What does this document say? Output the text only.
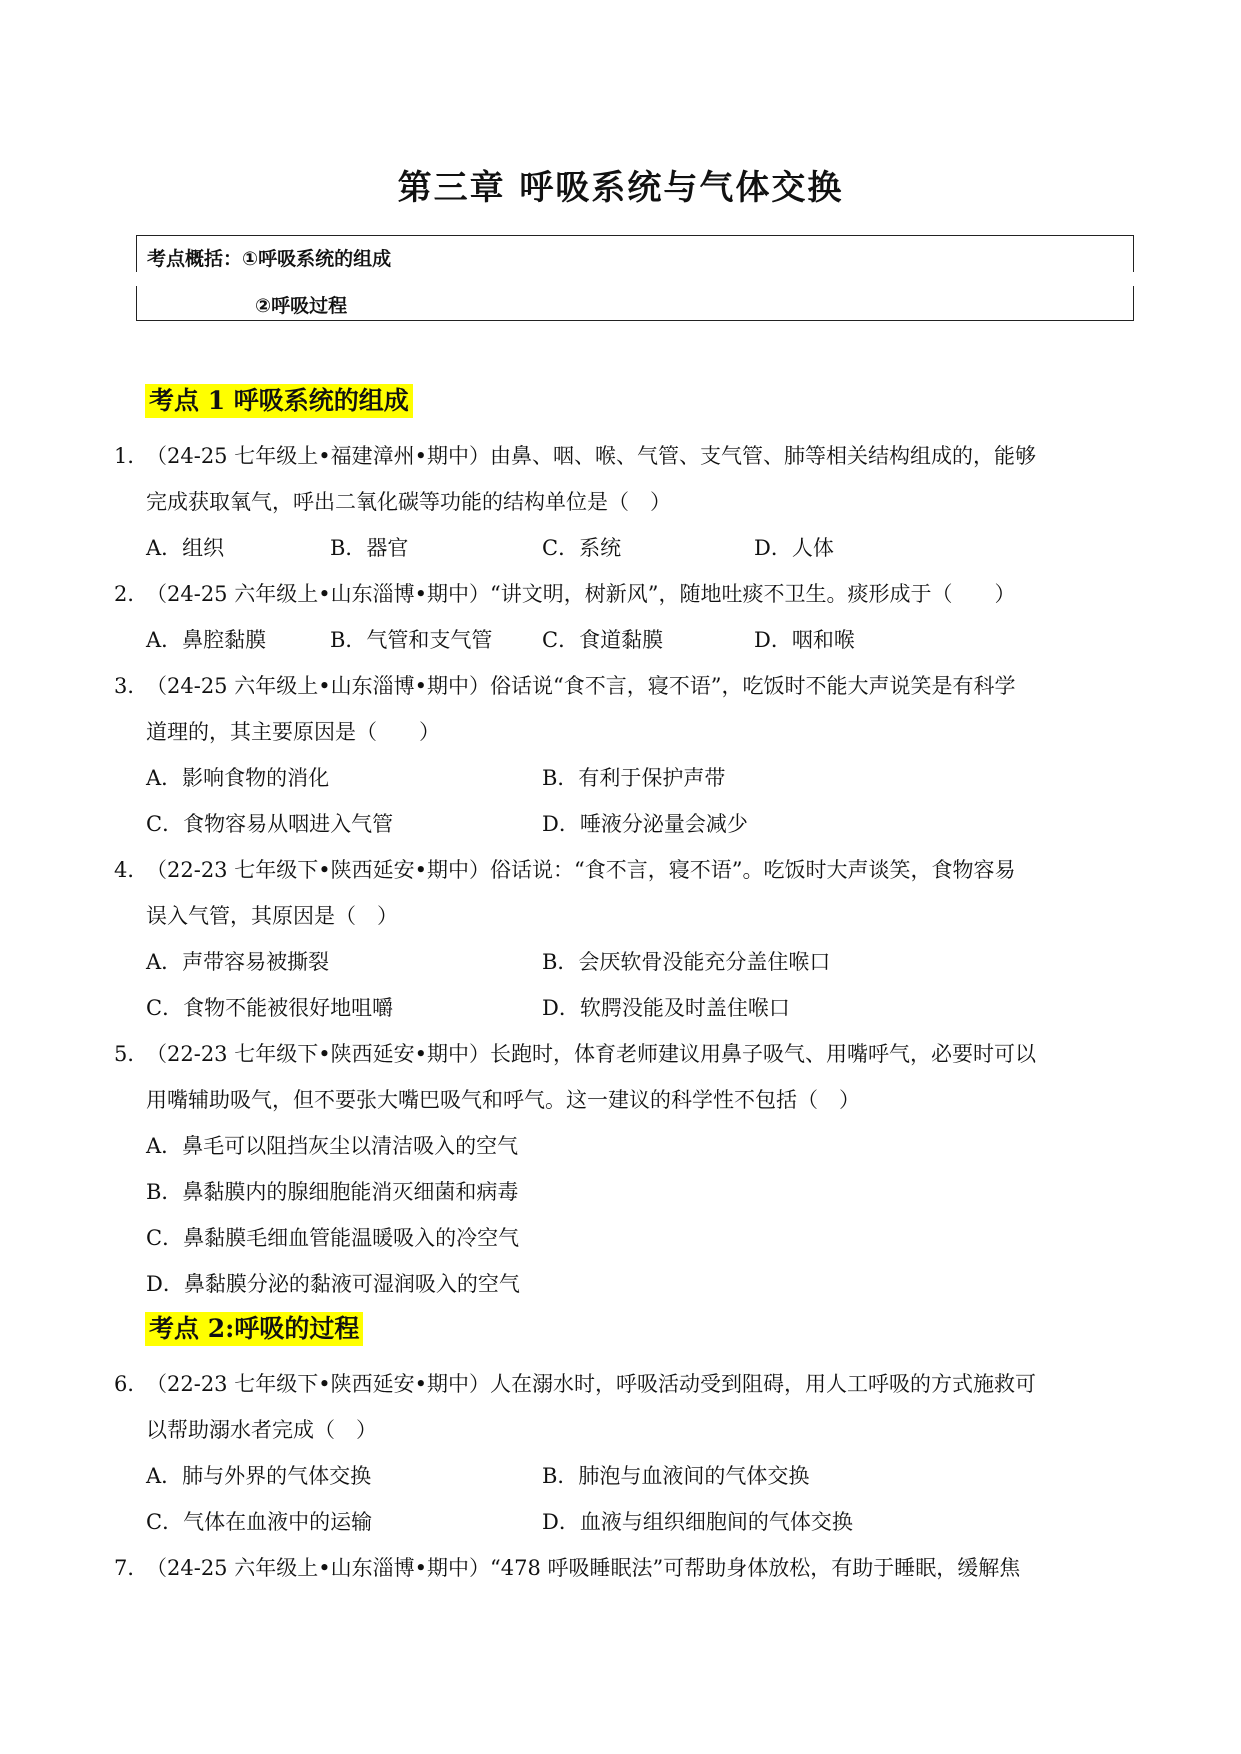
第三章 呼吸系统与气体交换
考点概括：①呼吸系统的组成
②呼吸过程
考点 1 呼吸系统的组成
1．（24-25 七年级上•福建漳州•期中）由鼻、咽、喉、气管、支气管、肺等相关结构组成的，能够
完成获取氧气，呼出二氧化碳等功能的结构单位是（　）
A．组织	B．器官	C．系统	D．人体
2．（24-25 六年级上•山东淄博•期中）“讲文明，树新风”，随地吐痰不卫生。痰形成于（　　）
A．鼻腔黏膜	B．气管和支气管 C．食道黏膜	D．咽和喉
3．（24-25 六年级上•山东淄博•期中）俗话说“食不言，寝不语”，吃饭时不能大声说笑是有科学
道理的，其主要原因是（　　）
A．影响食物的消化	B．有利于保护声带
C．食物容易从咽进入气管	D．唾液分泌量会减少
4．（22-23 七年级下•陕西延安•期中）俗话说：“食不言，寝不语”。吃饭时大声谈笑，食物容易
误入气管，其原因是（　）
A．声带容易被撕裂	B．会厌软骨没能充分盖住喉口
C．食物不能被很好地咀嚼	D．软腭没能及时盖住喉口
5．（22-23 七年级下•陕西延安•期中）长跑时，体育老师建议用鼻子吸气、用嘴呼气，必要时可以
用嘴辅助吸气，但不要张大嘴巴吸气和呼气。这一建议的科学性不包括（　）
A．鼻毛可以阻挡灰尘以清洁吸入的空气
B．鼻黏膜内的腺细胞能消灭细菌和病毒
C．鼻黏膜毛细血管能温暖吸入的冷空气
D．鼻黏膜分泌的黏液可湿润吸入的空气
考点 2:呼吸的过程
6．（22-23 七年级下•陕西延安•期中）人在溺水时，呼吸活动受到阻碍，用人工呼吸的方式施救可
以帮助溺水者完成（　）
A．肺与外界的气体交换	B．肺泡与血液间的气体交换
C．气体在血液中的运输	D．血液与组织细胞间的气体交换
7．（24-25 六年级上•山东淄博•期中）“478 呼吸睡眠法”可帮助身体放松，有助于睡眠，缓解焦
